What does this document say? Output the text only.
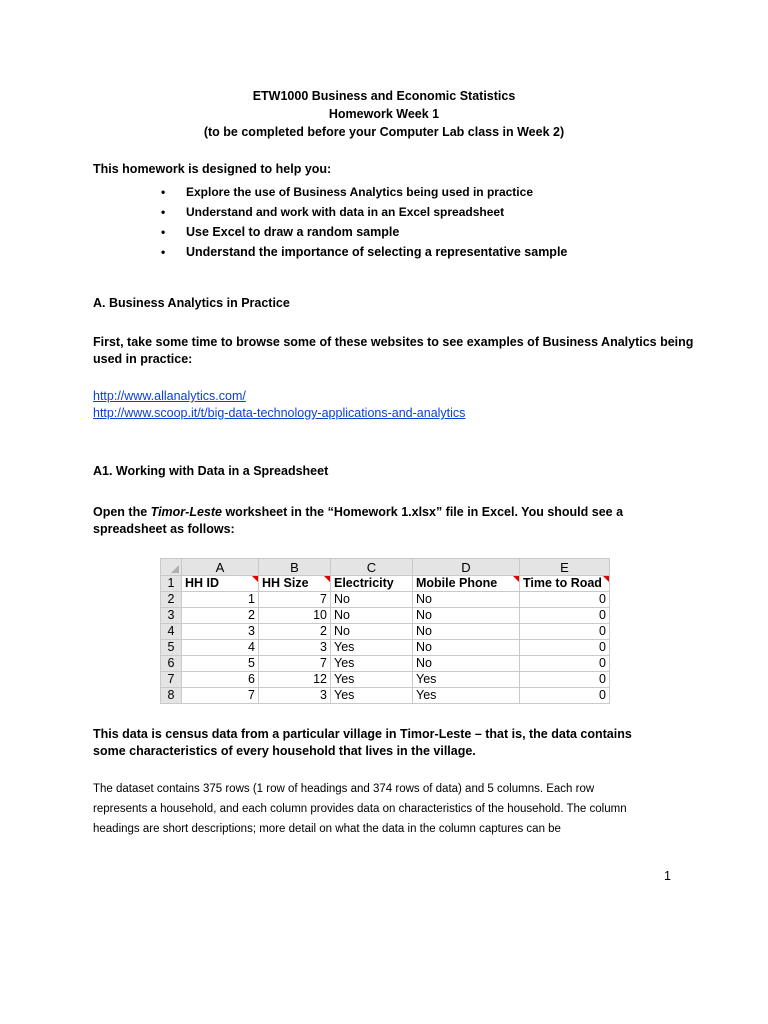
ETW1000 Business and Economic Statistics
Homework Week 1
(to be completed before your Computer Lab class in Week 2)
This homework is designed to help you:
• Explore the use of Business Analytics being used in practice
• Understand and work with data in an Excel spreadsheet
• Use Excel to draw a random sample
• Understand the importance of selecting a representative sample
A. Business Analytics in Practice
First, take some time to browse some of these websites to see examples of Business Analytics being
used in practice:
http://www.allanalytics.com/
http://www.scoop.it/t/big-data-technology-applications-and-analytics
A1. Working with Data in a Spreadsheet
Open the Timor-Leste worksheet in the “Homework 1.xlsx” file in Excel. You should see a
spreadsheet as follows:
	A	B	C	D	E
1	HH ID	HH Size	Electricity	Mobile Phone	Time to Road
2	1	7	No	No	0
3	2	10	No	No	0
4	3	2	No	No	0
5	4	3	Yes	No	0
6	5	7	Yes	No	0
7	6	12	Yes	Yes	0
8	7	3	Yes	Yes	0
This data is census data from a particular village in Timor-Leste – that is, the data contains
some characteristics of every household that lives in the village.
The dataset contains 375 rows (1 row of headings and 374 rows of data) and 5 columns. Each row
represents a household, and each column provides data on characteristics of the household. The column
headings are short descriptions; more detail on what the data in the column captures can be
1
